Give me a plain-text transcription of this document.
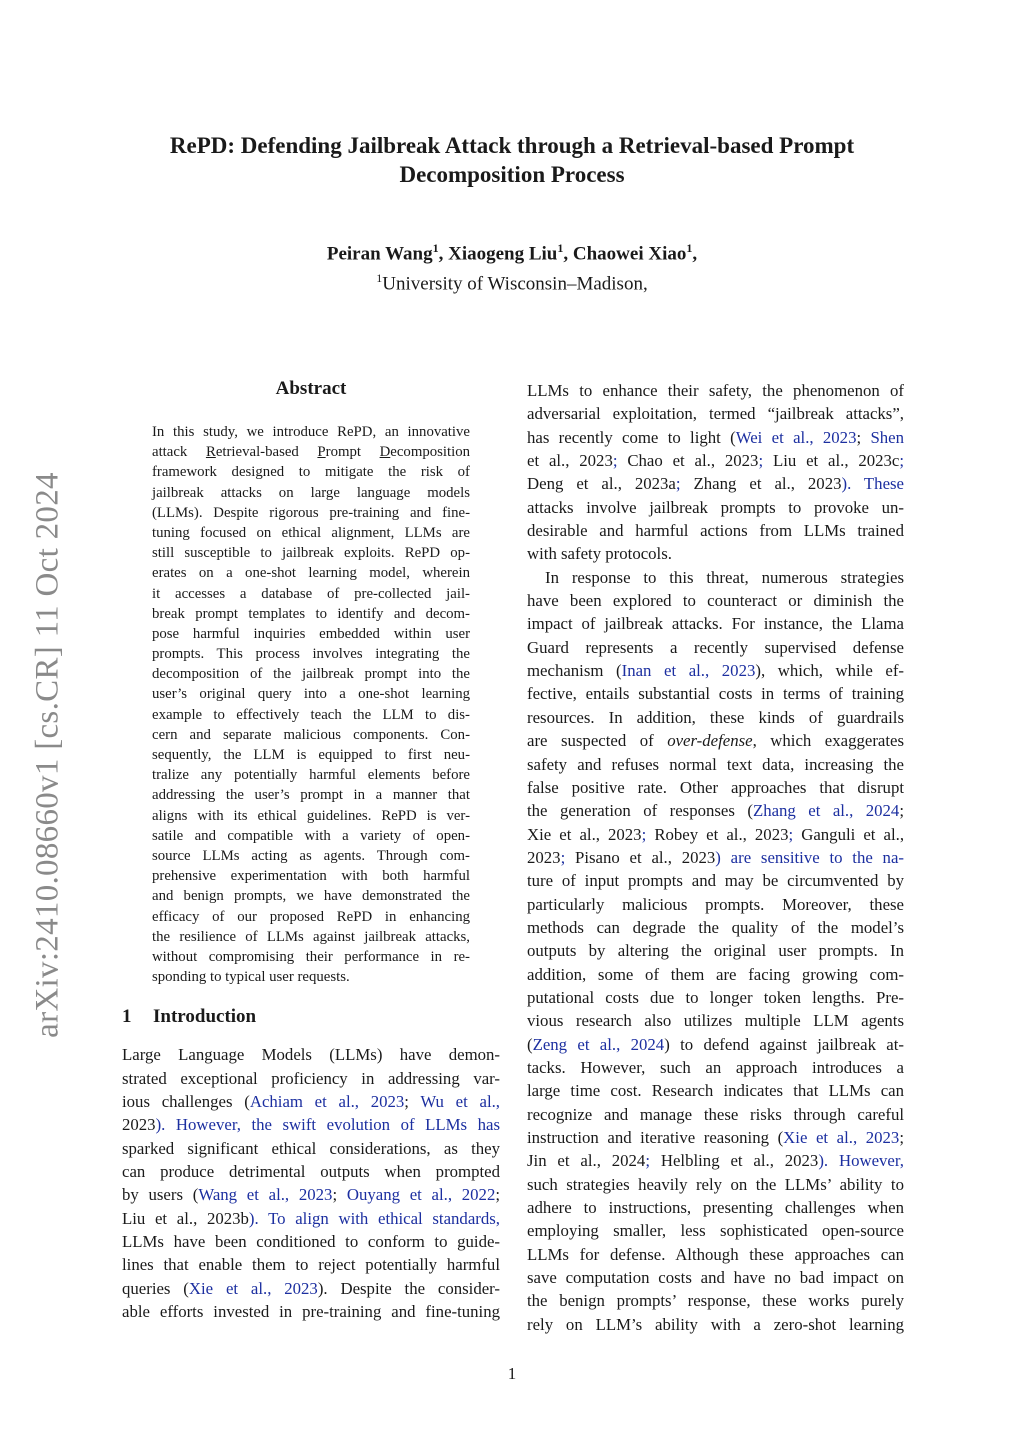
arXiv:2410.08660v1 [cs.CR] 11 Oct 2024
RePD: Defending Jailbreak Attack through a Retrieval-based Prompt
Decomposition Process
Peiran Wang$^1$, Xiaogeng Liu$^1$, Chaowei Xiao$^1$,
$^1$University of Wisconsin–Madison,
Abstract
In this study, we introduce RePD, an innovative
attack Retrieval-based Prompt Decomposition
framework designed to mitigate the risk of
jailbreak attacks on large language models
(LLMs). Despite rigorous pre-training and fine-
tuning focused on ethical alignment, LLMs are
still susceptible to jailbreak exploits. RePD op-
erates on a one-shot learning model, wherein
it accesses a database of pre-collected jail-
break prompt templates to identify and decom-
pose harmful inquiries embedded within user
prompts. This process involves integrating the
decomposition of the jailbreak prompt into the
user’s original query into a one-shot learning
example to effectively teach the LLM to dis-
cern and separate malicious components. Con-
sequently, the LLM is equipped to first neu-
tralize any potentially harmful elements before
addressing the user’s prompt in a manner that
aligns with its ethical guidelines. RePD is ver-
satile and compatible with a variety of open-
source LLMs acting as agents. Through com-
prehensive experimentation with both harmful
and benign prompts, we have demonstrated the
efficacy of our proposed RePD in enhancing
the resilience of LLMs against jailbreak attacks,
without compromising their performance in re-
sponding to typical user requests.
1 Introduction
Large Language Models (LLMs) have demon-
strated exceptional proficiency in addressing var-
ious challenges (Achiam et al., 2023; Wu et al.,
2023). However, the swift evolution of LLMs has
sparked significant ethical considerations, as they
can produce detrimental outputs when prompted
by users (Wang et al., 2023; Ouyang et al., 2022;
Liu et al., 2023b). To align with ethical standards,
LLMs have been conditioned to conform to guide-
lines that enable them to reject potentially harmful
queries (Xie et al., 2023). Despite the consider-
able efforts invested in pre-training and fine-tuning
LLMs to enhance their safety, the phenomenon of
adversarial exploitation, termed “jailbreak attacks”,
has recently come to light (Wei et al., 2023; Shen
et al., 2023; Chao et al., 2023; Liu et al., 2023c;
Deng et al., 2023a; Zhang et al., 2023). These
attacks involve jailbreak prompts to provoke un-
desirable and harmful actions from LLMs trained
with safety protocols.
In response to this threat, numerous strategies
have been explored to counteract or diminish the
impact of jailbreak attacks. For instance, the Llama
Guard represents a recently supervised defense
mechanism (Inan et al., 2023), which, while ef-
fective, entails substantial costs in terms of training
resources. In addition, these kinds of guardrails
are suspected of over-defense, which exaggerates
safety and refuses normal text data, increasing the
false positive rate. Other approaches that disrupt
the generation of responses (Zhang et al., 2024;
Xie et al., 2023; Robey et al., 2023; Ganguli et al.,
2023; Pisano et al., 2023) are sensitive to the na-
ture of input prompts and may be circumvented by
particularly malicious prompts. Moreover, these
methods can degrade the quality of the model’s
outputs by altering the original user prompts. In
addition, some of them are facing growing com-
putational costs due to longer token lengths. Pre-
vious research also utilizes multiple LLM agents
(Zeng et al., 2024) to defend against jailbreak at-
tacks. However, such an approach introduces a
large time cost. Research indicates that LLMs can
recognize and manage these risks through careful
instruction and iterative reasoning (Xie et al., 2023;
Jin et al., 2024; Helbling et al., 2023). However,
such strategies heavily rely on the LLMs’ ability to
adhere to instructions, presenting challenges when
employing smaller, less sophisticated open-source
LLMs for defense. Although these approaches can
save computation costs and have no bad impact on
the benign prompts’ response, these works purely
rely on LLM’s ability with a zero-shot learning
1
